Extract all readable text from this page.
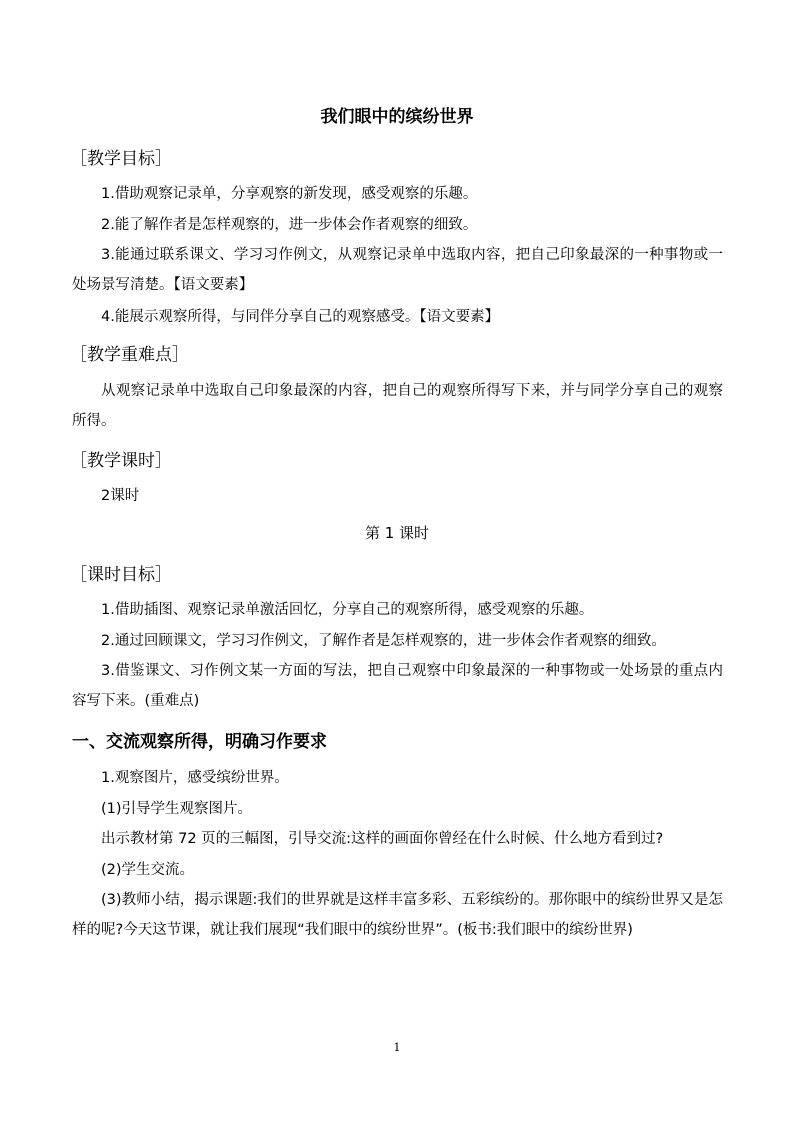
我们眼中的缤纷世界
［教学目标］

1.借助观察记录单，分享观察的新发现，感受观察的乐趣。

2.能了解作者是怎样观察的，进一步体会作者观察的细致。

3.能通过联系课文、学习习作例文，从观察记录单中选取内容，把自己印象最深的一种事物或一处场景写清楚。【语文要素】

4.能展示观察所得，与同伴分享自己的观察感受。【语文要素】

［教学重难点］

从观察记录单中选取自己印象最深的内容，把自己的观察所得写下来，并与同学分享自己的观察所得。

［教学课时］

2课时

第 1 课时
［课时目标］

1.借助插图、观察记录单激活回忆，分享自己的观察所得，感受观察的乐趣。

2.通过回顾课文，学习习作例文，了解作者是怎样观察的，进一步体会作者观察的细致。

3.借鉴课文、习作例文某一方面的写法，把自己观察中印象最深的一种事物或一处场景的重点内容写下来。(重难点)

一、交流观察所得，明确习作要求

1.观察图片，感受缤纷世界。

(1)引导学生观察图片。

出示教材第 72 页的三幅图，引导交流:这样的画面你曾经在什么时候、什么地方看到过?

(2)学生交流。

(3)教师小结，揭示课题:我们的世界就是这样丰富多彩、五彩缤纷的。那你眼中的缤纷世界又是怎样的呢?今天这节课，就让我们展现“我们眼中的缤纷世界”。(板书:我们眼中的缤纷世界)

1
